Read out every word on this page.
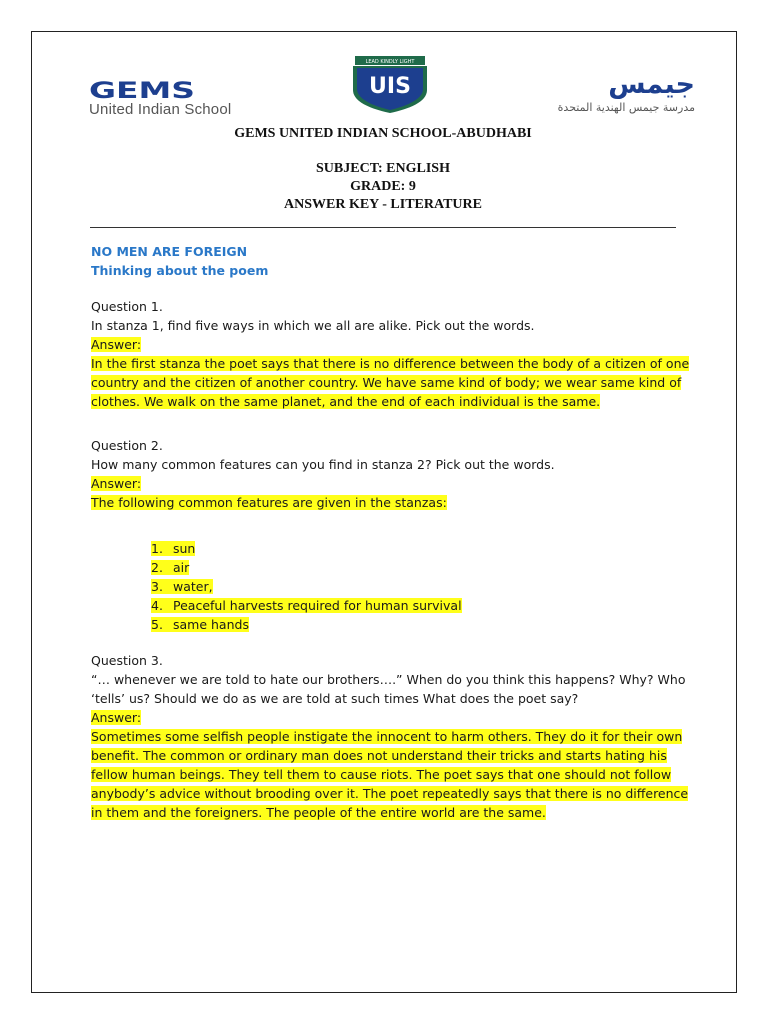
GEMS
United Indian School
LEAD KINDLY LIGHT
UIS	جيمس
مدرسة جيمس الهندية المتحدة
GEMS UNITED INDIAN SCHOOL-ABUDHABI
SUBJECT: ENGLISH
GRADE: 9
ANSWER KEY - LITERATURE
NO MEN ARE FOREIGN
Thinking about the poem
Question 1.
In stanza 1, find five ways in which we all are alike. Pick out the words.
Answer:
In the first stanza the poet says that there is no difference between the body of a citizen of one
country and the citizen of another country. We have same kind of body; we wear same kind of
clothes. We walk on the same planet, and the end of each individual is the same.
Question 2.
How many common features can you find in stanza 2? Pick out the words.
Answer:
The following common features are given in the stanzas:
1. sun
2. air
3. water,
4. Peaceful harvests required for human survival
5. same hands
Question 3.
“… whenever we are told to hate our brothers….” When do you think this happens? Why? Who
‘tells’ us? Should we do as we are told at such times What does the poet say?
Answer:
Sometimes some selfish people instigate the innocent to harm others. They do it for their own
benefit. The common or ordinary man does not understand their tricks and starts hating his
fellow human beings. They tell them to cause riots. The poet says that one should not follow
anybody’s advice without brooding over it. The poet repeatedly says that there is no difference
in them and the foreigners. The people of the entire world are the same.
